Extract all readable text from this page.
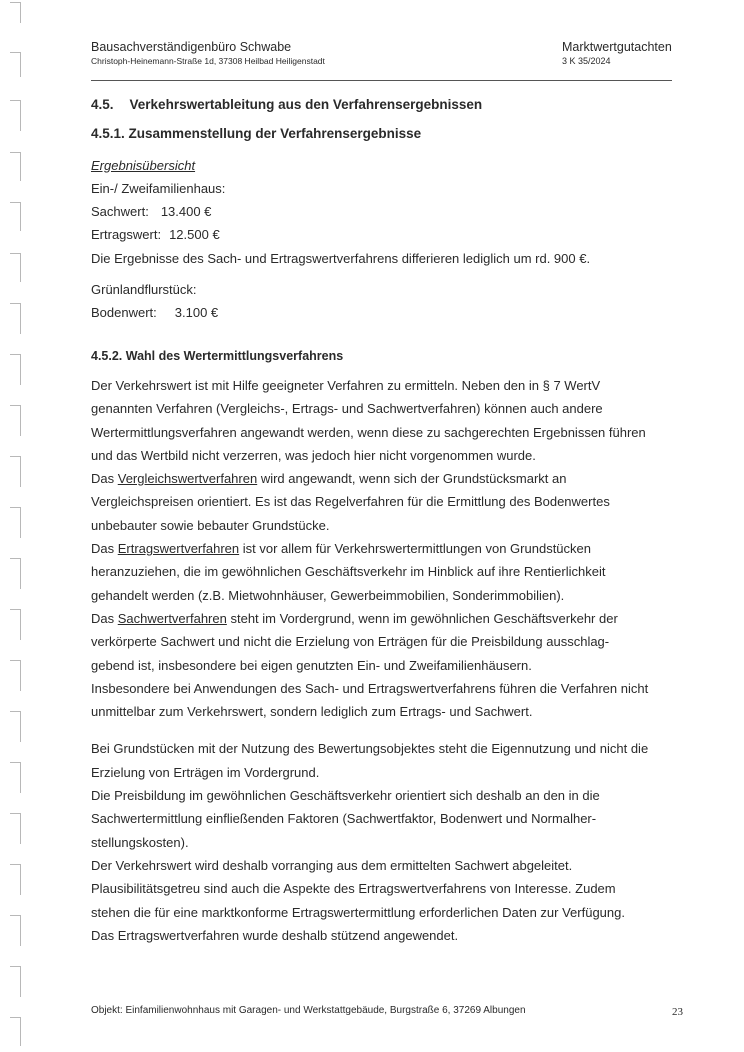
Bausachverständigenbüro Schwabe
Christoph-Heinemann-Straße 1d, 37308 Heilbad Heiligenstadt
Marktwertgutachten
3 K 35/2024

4.5. Verkehrswertableitung aus den Verfahrensergebnissen

4.5.1. Zusammenstellung der Verfahrensergebnisse

Ergebnisübersicht

Ein-/ Zweifamilienhaus:

Sachwert: 13.400 €

Ertragswert: 12.500 €

Die Ergebnisse des Sach- und Ertragswertverfahrens differieren lediglich um rd. 900 €.

Grünlandflurstück:

Bodenwert: 3.100 €

4.5.2. Wahl des Wertermittlungsverfahrens

Der Verkehrswert ist mit Hilfe geeigneter Verfahren zu ermitteln. Neben den in § 7 WertV

genannten Verfahren (Vergleichs-, Ertrags- und Sachwertverfahren) können auch andere

Wertermittlungsverfahren angewandt werden, wenn diese zu sachgerechten Ergebnissen führen

und das Wertbild nicht verzerren, was jedoch hier nicht vorgenommen wurde.

Das Vergleichswertverfahren wird angewandt, wenn sich der Grundstücksmarkt an

Vergleichspreisen orientiert. Es ist das Regelverfahren für die Ermittlung des Bodenwertes

unbebauter sowie bebauter Grundstücke.

Das Ertragswertverfahren ist vor allem für Verkehrswertermittlungen von Grundstücken

heranzuziehen, die im gewöhnlichen Geschäftsverkehr im Hinblick auf ihre Rentierlichkeit

gehandelt werden (z.B. Mietwohnhäuser, Gewerbeimmobilien, Sonderimmobilien).

Das Sachwertverfahren steht im Vordergrund, wenn im gewöhnlichen Geschäftsverkehr der

verkörperte Sachwert und nicht die Erzielung von Erträgen für die Preisbildung ausschlag-

gebend ist, insbesondere bei eigen genutzten Ein- und Zweifamilienhäusern.

Insbesondere bei Anwendungen des Sach- und Ertragswertverfahrens führen die Verfahren nicht

unmittelbar zum Verkehrswert, sondern lediglich zum Ertrags- und Sachwert.

Bei Grundstücken mit der Nutzung des Bewertungsobjektes steht die Eigennutzung und nicht die

Erzielung von Erträgen im Vordergrund.

Die Preisbildung im gewöhnlichen Geschäftsverkehr orientiert sich deshalb an den in die

Sachwertermittlung einfließenden Faktoren (Sachwertfaktor, Bodenwert und Normalher-

stellungskosten).

Der Verkehrswert wird deshalb vorranging aus dem ermittelten Sachwert abgeleitet.

Plausibilitätsgetreu sind auch die Aspekte des Ertragswertverfahrens von Interesse. Zudem

stehen die für eine marktkonforme Ertragswertermittlung erforderlichen Daten zur Verfügung.

Das Ertragswertverfahren wurde deshalb stützend angewendet.

Objekt: Einfamilienwohnhaus mit Garagen- und Werkstattgebäude, Burgstraße 6, 37269 Albungen	23
